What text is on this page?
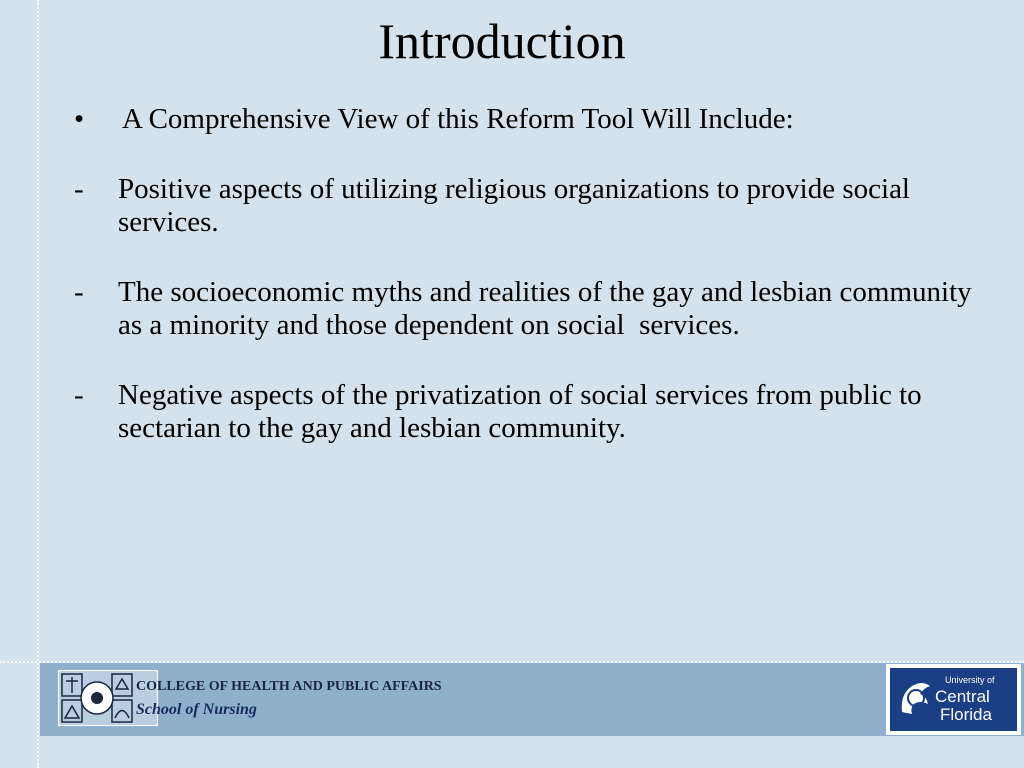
Introduction
•	A Comprehensive View of this Reform Tool Will Include:
-	Positive aspects of utilizing religious organizations to provide social services.
-	The socioeconomic myths and realities of the gay and lesbian community as a minority and those dependent on social  services.
-	Negative aspects of the privatization of social services from public to sectarian to the gay and lesbian community.
COLLEGE OF HEALTH AND PUBLIC AFFAIRS
School of Nursing
University of
Central
Florida
